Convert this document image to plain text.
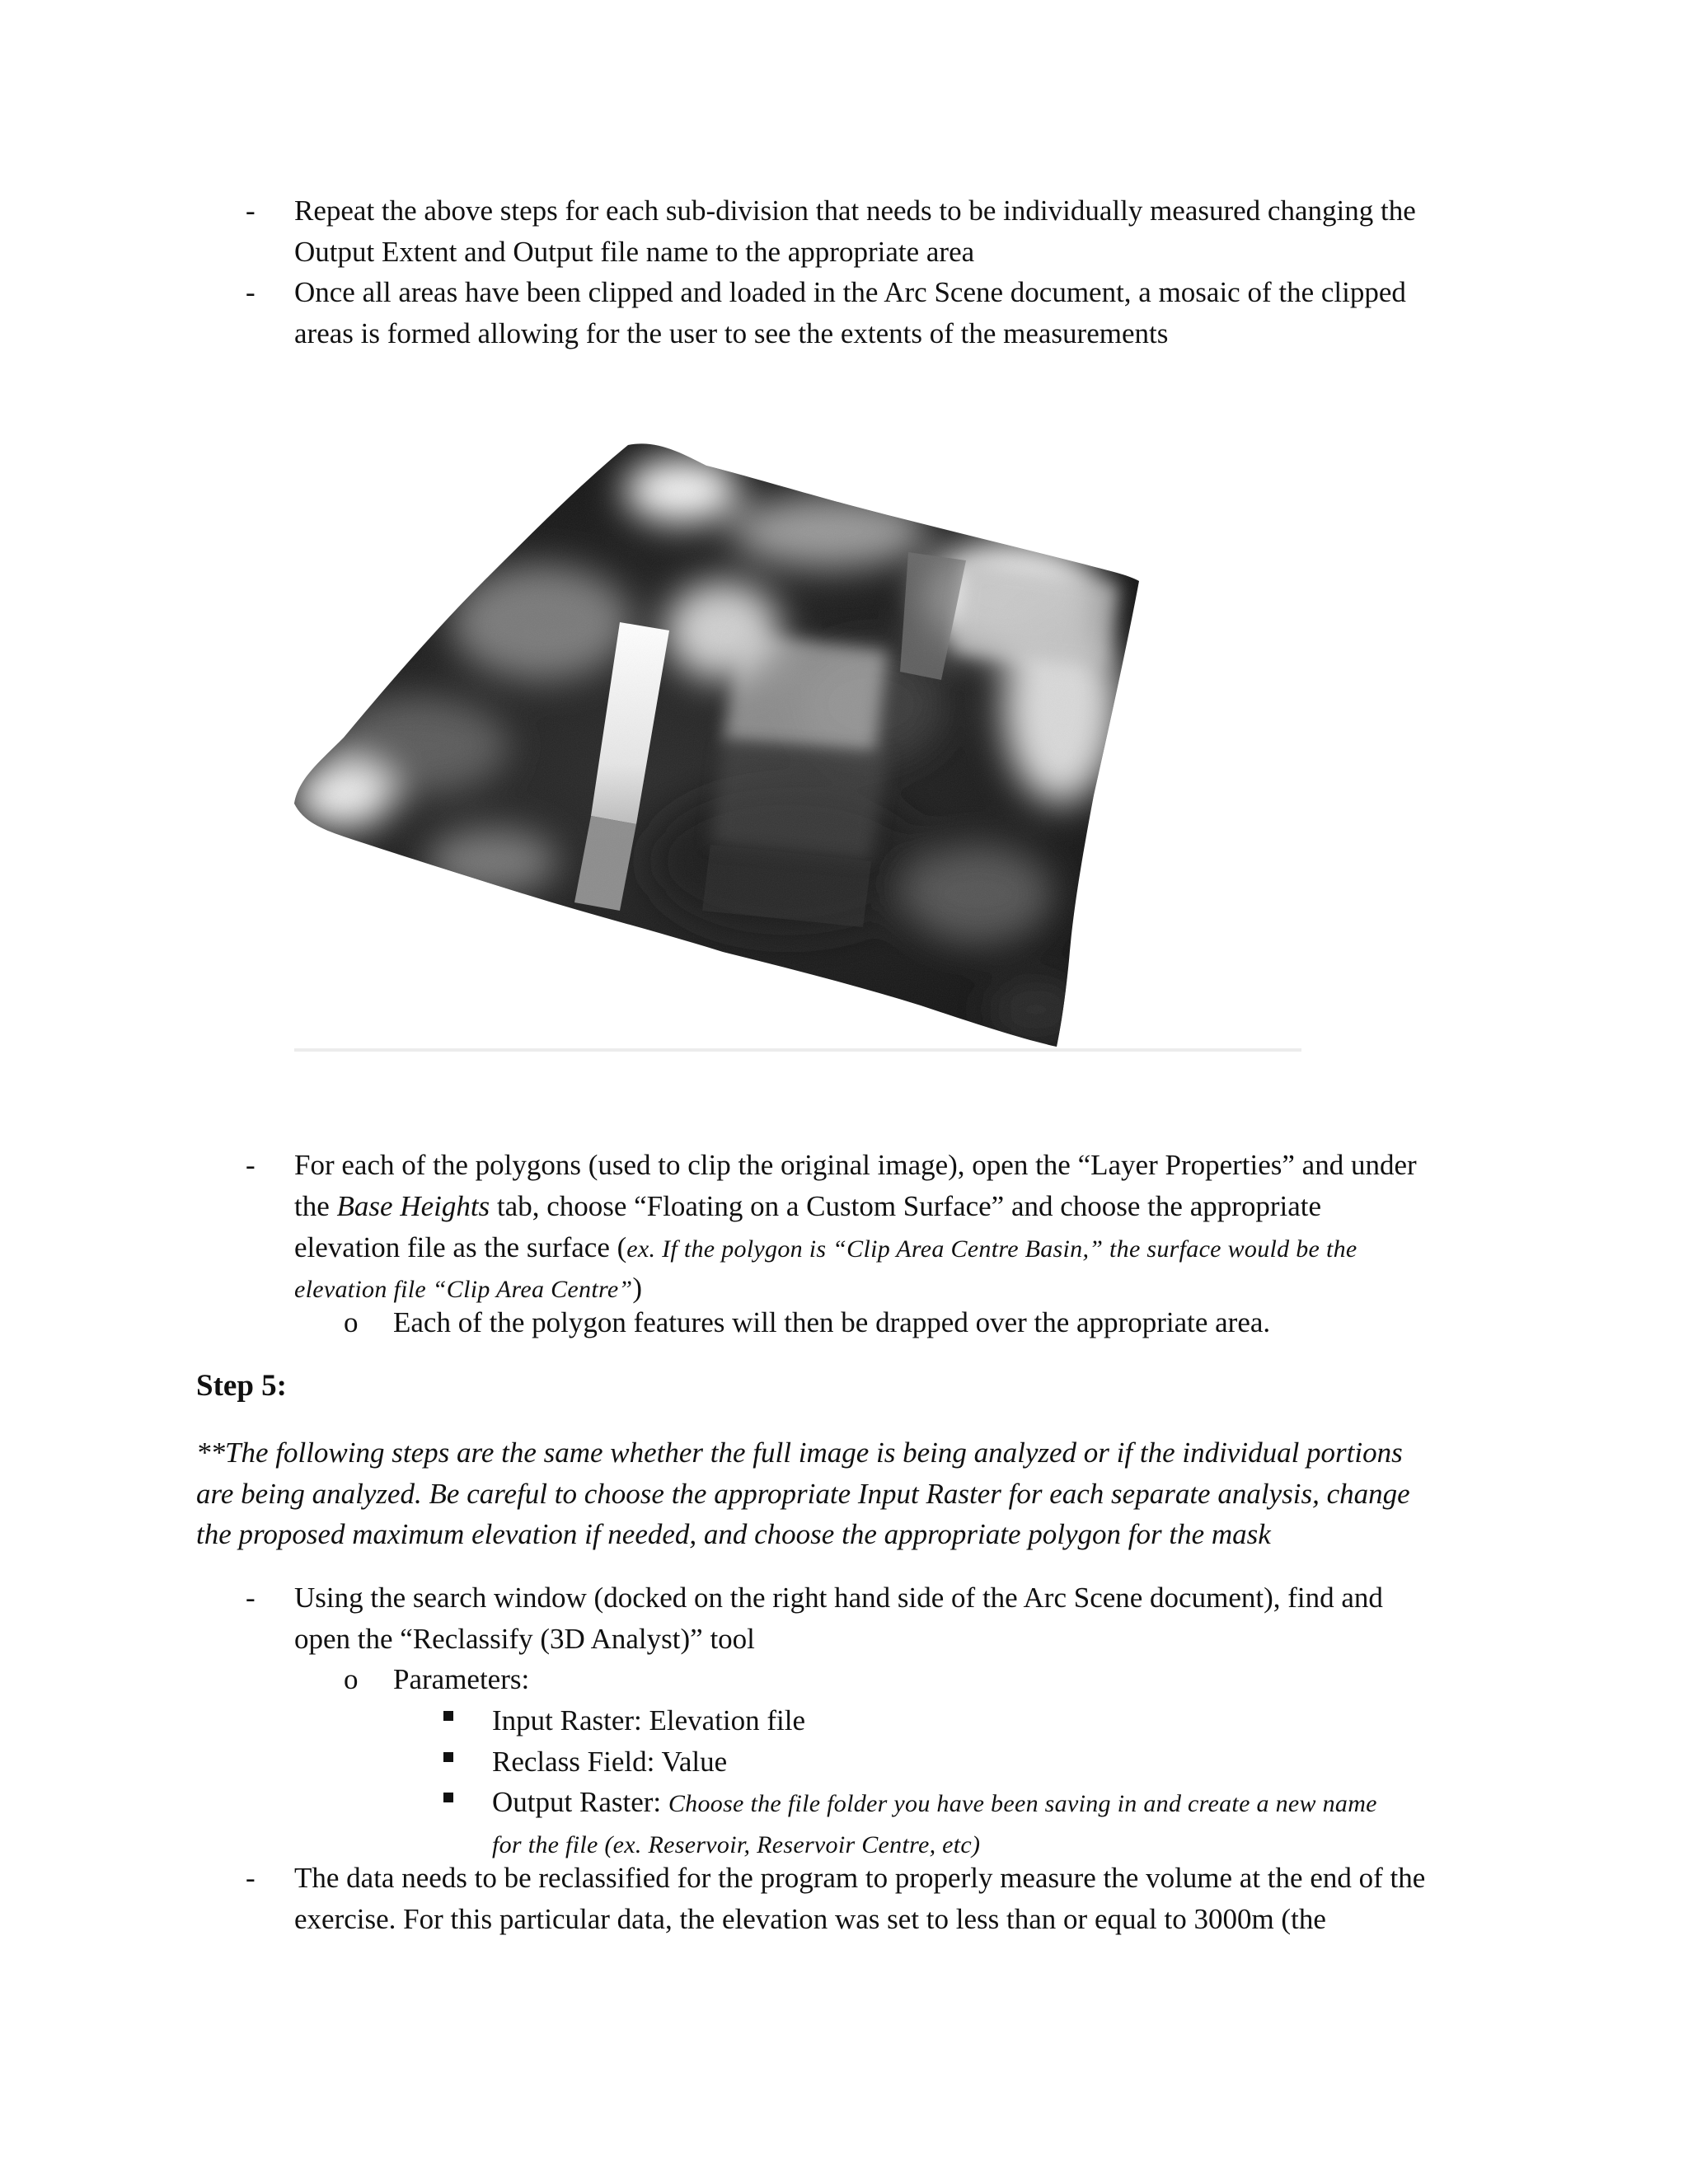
- Repeat the above steps for each sub-division that needs to be individually measured changing the
Output Extent and Output file name to the appropriate area
- Once all areas have been clipped and loaded in the Arc Scene document, a mosaic of the clipped
areas is formed allowing for the user to see the extents of the measurements
- For each of the polygons (used to clip the original image), open the “Layer Properties” and under
the Base Heights tab, choose “Floating on a Custom Surface” and choose the appropriate
elevation file as the surface (ex. If the polygon is “Clip Area Centre Basin,” the surface would be the
elevation file “Clip Area Centre”)
o Each of the polygon features will then be drapped over the appropriate area.
Step 5:
**The following steps are the same whether the full image is being analyzed or if the individual portions
are being analyzed. Be careful to choose the appropriate Input Raster for each separate analysis, change
the proposed maximum elevation if needed, and choose the appropriate polygon for the mask
- Using the search window (docked on the right hand side of the Arc Scene document), find and
open the “Reclassify (3D Analyst)” tool
o Parameters:
Input Raster: Elevation file
Reclass Field: Value
Output Raster: Choose the file folder you have been saving in and create a new name
for the file (ex. Reservoir, Reservoir Centre, etc)
- The data needs to be reclassified for the program to properly measure the volume at the end of the
exercise. For this particular data, the elevation was set to less than or equal to 3000m (the
